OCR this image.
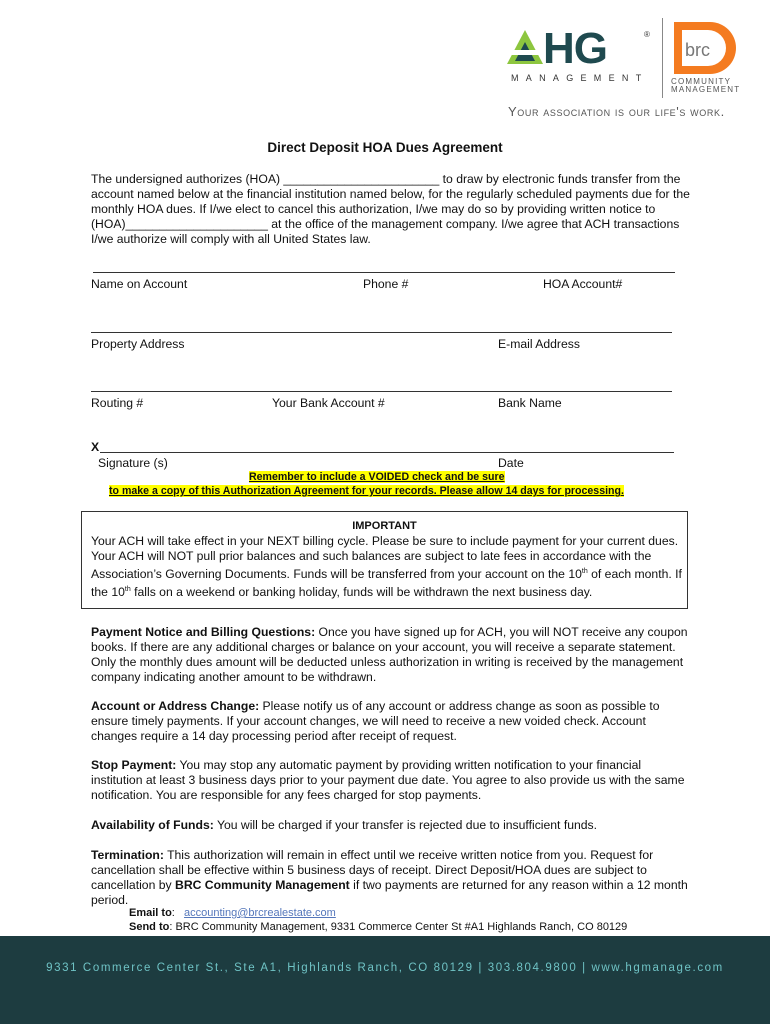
HG	®
MANAGEMENT
brc
COMMUNITY
MANAGEMENT
Your association is our life's work.
Direct Deposit HOA Dues Agreement
The undersigned authorizes (HOA) _______________________ to draw by electronic funds transfer from the account named below at the financial institution named below, for the regularly scheduled payments due for the monthly HOA dues. If I/we elect to cancel this authorization, I/we may do so by providing written notice to (HOA)_____________________ at the office of the management company. I/we agree that ACH transactions I/we authorize will comply with all United States law.
Name on Account	Phone #	HOA Account#
Property Address	E-mail Address
Routing #	Your Bank Account #	Bank Name
X
Signature (s)	Date
Remember to include a VOIDED check and be sure
to make a copy of this Authorization Agreement for your records. Please allow 14 days for processing.
IMPORTANT
Your ACH will take effect in your NEXT billing cycle. Please be sure to include payment for your current dues. Your ACH will NOT pull prior balances and such balances are subject to late fees in accordance with the Association’s Governing Documents. Funds will be transferred from your account on the 10th of each month. If the 10th falls on a weekend or banking holiday, funds will be withdrawn the next business day.
Payment Notice and Billing Questions: Once you have signed up for ACH, you will NOT receive any coupon books. If there are any additional charges or balance on your account, you will receive a separate statement. Only the monthly dues amount will be deducted unless authorization in writing is received by the management company indicating another amount to be withdrawn.
Account or Address Change: Please notify us of any account or address change as soon as possible to ensure timely payments. If your account changes, we will need to receive a new voided check. Account changes require a 14 day processing period after receipt of request.
Stop Payment: You may stop any automatic payment by providing written notification to your financial institution at least 3 business days prior to your payment due date. You agree to also provide us with the same notification. You are responsible for any fees charged for stop payments.
Availability of Funds: You will be charged if your transfer is rejected due to insufficient funds.
Termination: This authorization will remain in effect until we receive written notice from you. Request for cancellation shall be effective within 5 business days of receipt. Direct Deposit/HOA dues are subject to cancellation by BRC Community Management if two payments are returned for any reason within a 12 month period.
Email to:   accounting@brcrealestate.com
Send to: BRC Community Management, 9331 Commerce Center St #A1 Highlands Ranch, CO 80129
9331 Commerce Center St., Ste A1, Highlands Ranch, CO 80129 | 303.804.9800 | www.hgmanage.com
